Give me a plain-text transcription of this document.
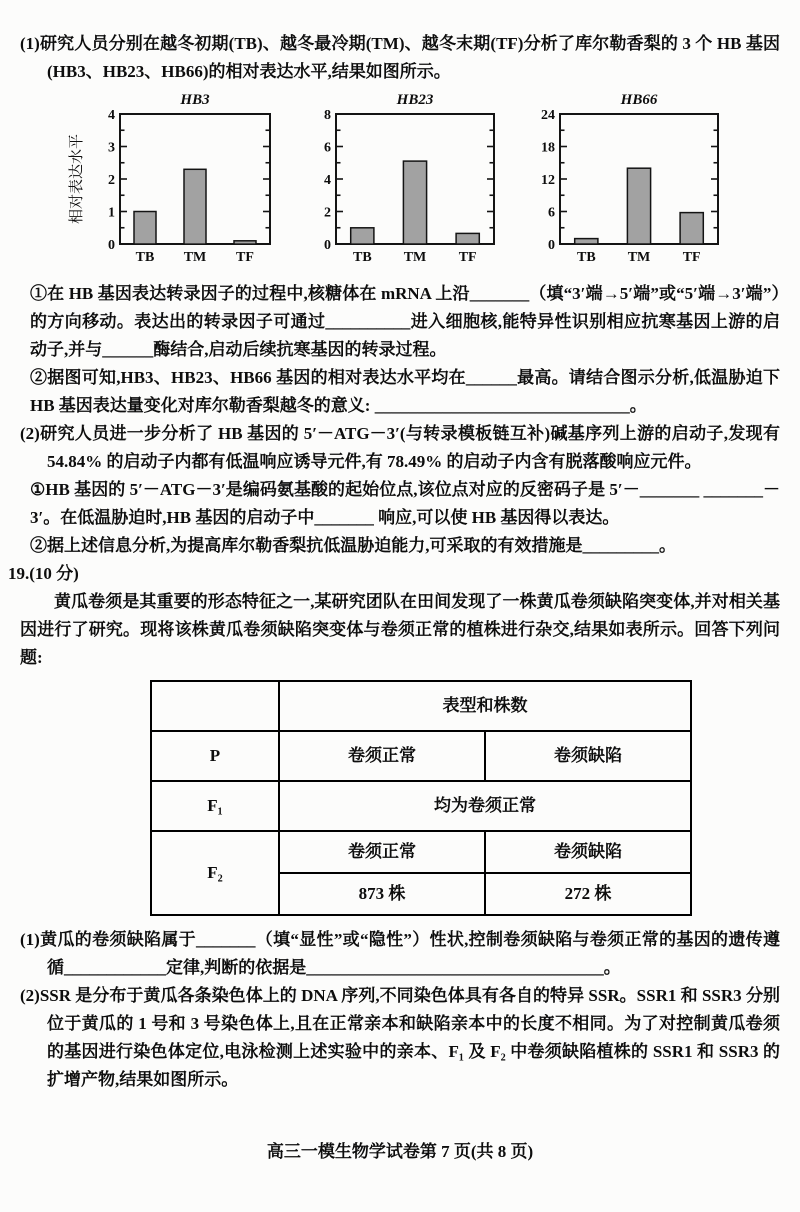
(1)研究人员分别在越冬初期(TB)、越冬最冷期(TM)、越冬末期(TF)分析了库尔勒香梨的 3 个 HB 基因(HB3、HB23、HB66)的相对表达水平,结果如图所示。

HB3
0
1
2
3
4
TB TM TF
相对表达水平
HB23
0
2
4
6
8
TB TM TF
HB66
0
6
12
18
24
TB TM TF

①在 HB 基因表达转录因子的过程中,核糖体在 mRNA 上沿_______（填“3′端→5′端”或“5′端→3′端”）的方向移动。表达出的转录因子可通过__________进入细胞核,能特异性识别相应抗寒基因上游的启动子,并与______酶结合,启动后续抗寒基因的转录过程。

②据图可知,HB3、HB23、HB66 基因的相对表达水平均在______最高。请结合图示分析,低温胁迫下 HB 基因表达量变化对库尔勒香梨越冬的意义: ______________________________。

(2)研究人员进一步分析了 HB 基因的 5′－ATG－3′(与转录模板链互补)碱基序列上游的启动子,发现有 54.84% 的启动子内都有低温响应诱导元件,有 78.49% 的启动子内含有脱落酸响应元件。

①HB 基因的 5′－ATG－3′是编码氨基酸的起始位点,该位点对应的反密码子是 5′－_______ _______－3′。在低温胁迫时,HB 基因的启动子中_______ 响应,可以使 HB 基因得以表达。

②据上述信息分析,为提高库尔勒香梨抗低温胁迫能力,可采取的有效措施是_________。

19.(10 分)

黄瓜卷须是其重要的形态特征之一,某研究团队在田间发现了一株黄瓜卷须缺陷突变体,并对相关基因进行了研究。现将该株黄瓜卷须缺陷突变体与卷须正常的植株进行杂交,结果如表所示。回答下列问题:

	表型和株数	
P	卷须正常	卷须缺陷
F₁	均为卷须正常	
F₂	卷须正常	卷须缺陷
	873 株	272 株

(1)黄瓜的卷须缺陷属于_______（填“显性”或“隐性”）性状,控制卷须缺陷与卷须正常的基因的遗传遵循____________定律,判断的依据是___________________________________。

(2)SSR 是分布于黄瓜各条染色体上的 DNA 序列,不同染色体具有各自的特异 SSR。SSR1 和 SSR3 分别位于黄瓜的 1 号和 3 号染色体上,且在正常亲本和缺陷亲本中的长度不相同。为了对控制黄瓜卷须的基因进行染色体定位,电泳检测上述实验中的亲本、F₁ 及 F₂ 中卷须缺陷植株的 SSR1 和 SSR3 的扩增产物,结果如图所示。

高三一模生物学试卷第 7 页(共 8 页)
